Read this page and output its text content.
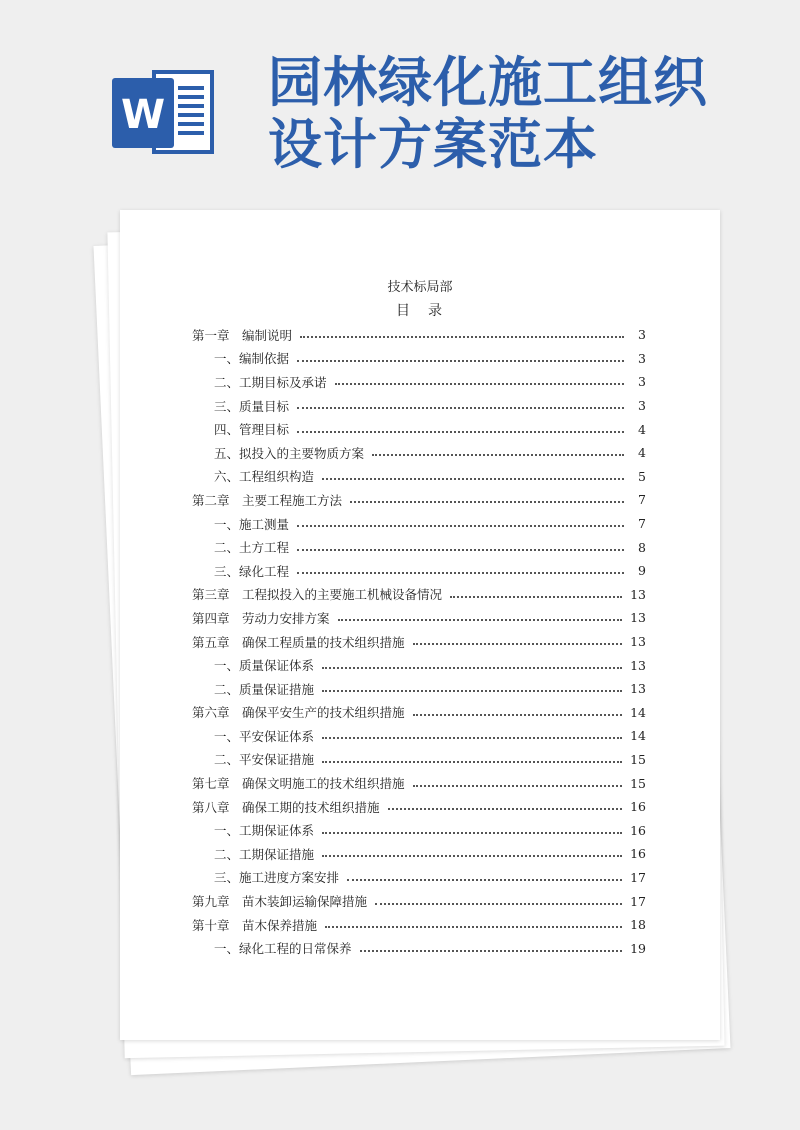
W
园林绿化施工组织
设计方案范本
技术标局部
目　录
第一章　编制说明	3
一、编制依据	3
二、工期目标及承诺	3
三、质量目标	3
四、管理目标	4
五、拟投入的主要物质方案	4
六、工程组织构造	5
第二章　主要工程施工方法	7
一、施工测量	7
二、土方工程	8
三、绿化工程	9
第三章　工程拟投入的主要施工机械设备情况	13
第四章　劳动力安排方案	13
第五章　确保工程质量的技术组织措施	13
一、质量保证体系	13
二、质量保证措施	13
第六章　确保平安生产的技术组织措施	14
一、平安保证体系	14
二、平安保证措施	15
第七章　确保文明施工的技术组织措施	15
第八章　确保工期的技术组织措施	16
一、工期保证体系	16
二、工期保证措施	16
三、施工进度方案安排	17
第九章　苗木装卸运输保障措施	17
第十章　苗木保养措施	18
一、绿化工程的日常保养	19
